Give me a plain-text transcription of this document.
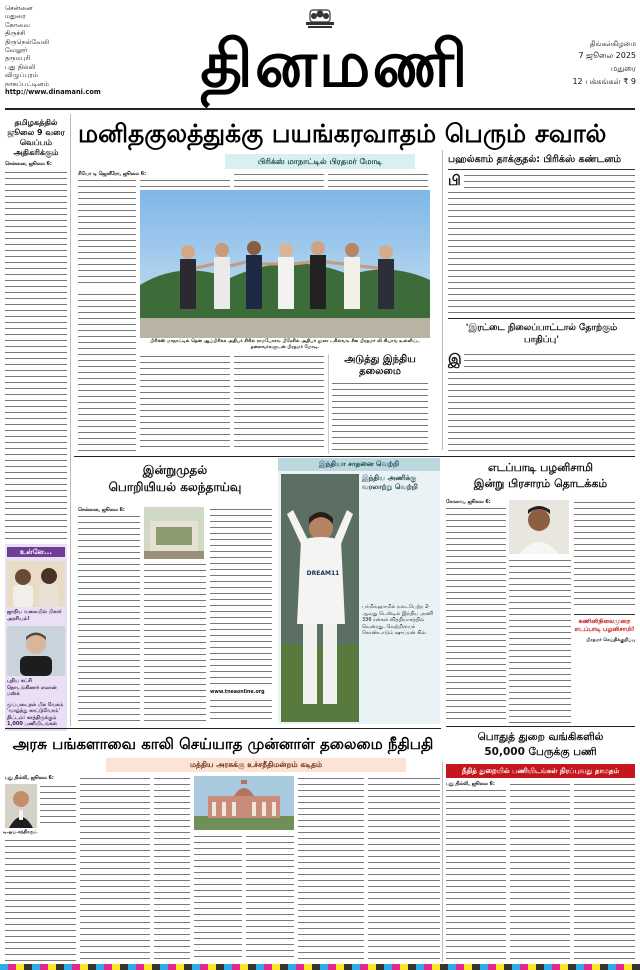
சென்னை
மதுரை
கோவை
திருச்சி
திருநெல்வேலி
வேலூர்
தருமபுரி
புது தில்லி
விழுப்புரம்
நாகப்பட்டினம்
http://www.dinamani.com	தினமணி	திங்கள்கிழமை
7 ஜூலை 2025
மதுரை
12 பக்கங்கள் ₹ 9
தமிழகத்தில் ஜூலை 9 வரை வெப்பம் அதிகரிக்கும்
சென்னை, ஜூலை 6:
உள்ளே...
ஜாதிய வலையில் பிகார் அரசியல்!
புதிய கட்சி தொடங்கினார் எலான் மஸ்க்
மூப்படைதல் மிக வேகம் 'வாழ்ந்து காட்டுவோம்' திட்டம்: காத்திருக்கும் 1,000 பணியிடங்கள்
மனிதகுலத்துக்கு பயங்கரவாதம் பெரும் சவால்
பிரிக்ஸ் மாநாட்டில் பிரதமர் மோடி
ரியோ டி ஜெனீரோ, ஜூலை 6:
பிரிக்ஸ் மாநாட்டில் தென் ஆப்பிரிக்க அதிபர் சிரில் ராமபோசா, பிரேசில் அதிபர் லுலா டசில்வா, சீன பிரதமர் லி கியாங் உள்ளிட்ட தலைவர்களுடன் பிரதமர் மோடி.
அடுத்து இந்திய தலைமை
பஹல்காம் தாக்குதல்: பிரிக்ஸ் கண்டனம்
பி
'இரட்டை நிலைப்பாட்டால் தோற்கும் பாதிப்பு'
இ
இன்றுமுதல்
பொறியியல் கலந்தாய்வு
சென்னை, ஜூலை 6:
www.tneaonline.org
இந்தியா சாதனை வெற்றி
DREAM11
இந்திய அணிக்கு வரலாற்று வெற்றி
பர்மிங்ஹாமில் நடைபெற்ற 2-ஆவது டெஸ்டில் இந்திய அணி 336 ரன்கள் வித்தியாசத்தில் வென்றது. வெற்றியைக் கொண்டாடும் ஷுப்மன் கில்.
எடப்பாடி பழனிசாமி
இன்று பிரசாரம் தொடக்கம்
கோவை, ஜூலை 6:
கணினிநிலைமுறை எடப்பாடி பழனிசாமி!
பிரதமர் செய்திக்குறிப்பு
பொதுத் துறை வங்கிகளில்
50,000 பேருக்கு பணி
அரசு பங்களாவை காலி செய்யாத முன்னாள் தலைமை நீதிபதி
மத்திய அரசுக்கு உச்சநீதிமன்றம் கடிதம்
புது தில்லி, ஜூலை 6:
டி.ஒய்.சந்திரசூட்
நீதித் துறையில் பணியிடங்கள் நிரப்புவது தாமதம்
புது தில்லி, ஜூலை 6:
